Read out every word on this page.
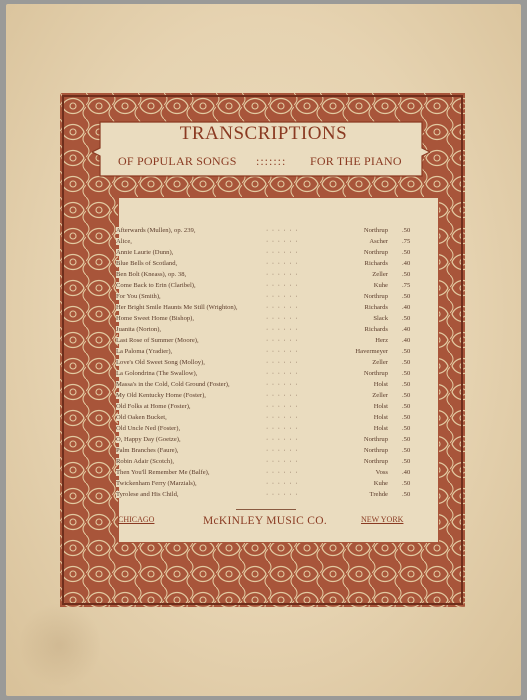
TRANSCRIPTIONS
OF POPULAR SONGS ::::::: FOR THE PIANO
· · · · · ·
Afterwards (Mullen), op. 239,	Northrup .50
· · · · · ·
Alice,	Ascher .75
· · · · · ·
Annie Laurie (Dunn),	Northrup .50
· · · · · ·
Blue Bells of Scotland,	Richards .40
· · · · · ·
Ben Bolt (Kneass), op. 38,	Zeller .50
· · · · · ·
Come Back to Erin (Claribel),	Kuhe .75
· · · · · ·
For You (Smith),	Northrup .50
· · · · · ·
Her Bright Smile Haunts Me Still (Wrighton),	Richards .40
· · · · · ·
Home Sweet Home (Bishop),	Slack .50
· · · · · ·
Juanita (Norton),	Richards .40
· · · · · ·
Last Rose of Summer (Moore),	Herz .40
· · · · · ·
La Paloma (Yradier),	Havermeyer .50
· · · · · ·
Love's Old Sweet Song (Molloy),	Zeller .50
· · · · · ·
La Golondrina (The Swallow),	Northrup .50
· · · · · ·
Massa's in the Cold, Cold Ground (Foster),	Holst .50
· · · · · ·
My Old Kentucky Home (Foster),	Zeller .50
· · · · · ·
Old Folks at Home (Foster),	Holst .50
· · · · · ·
Old Oaken Bucket,	Holst .50
· · · · · ·
Old Uncle Ned (Foster),	Holst .50
· · · · · ·
O, Happy Day (Goetze),	Northrup .50
· · · · · ·
Palm Branches (Faure),	Northrup .50
· · · · · ·
Robin Adair (Scotch),	Northrup .50
· · · · · ·
Then You'll Remember Me (Balfe),	Voss .40
· · · · · ·
Twickenham Ferry (Marzials),	Kuhe .50
· · · · · ·
Tyrolese and His Child,	Trehde .50
CHICAGO	McKINLEY MUSIC CO.	NEW YORK
